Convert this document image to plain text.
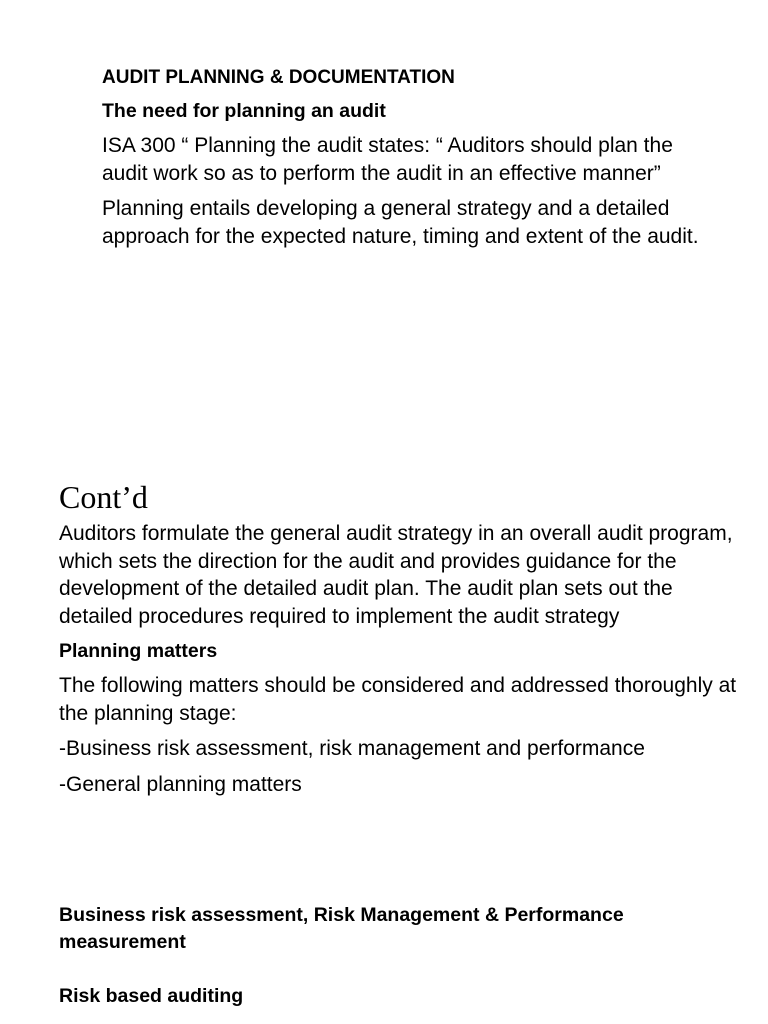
AUDIT PLANNING & DOCUMENTATION
The need for planning an audit
ISA 300 “ Planning the audit states: “ Auditors should plan the audit work so as to perform the audit in an effective manner”
Planning entails developing a general strategy and a detailed approach for the expected nature, timing and extent of the audit.
Cont’d
Auditors formulate the general audit strategy in an overall audit program, which sets the direction for the audit and provides guidance for the development of the detailed audit plan. The audit plan sets out the detailed procedures required to implement the audit strategy
Planning matters
The following matters should be considered and addressed thoroughly at the planning stage:
-Business risk assessment, risk management and performance
-General planning matters
Business risk assessment, Risk Management & Performance measurement
Risk based auditing
